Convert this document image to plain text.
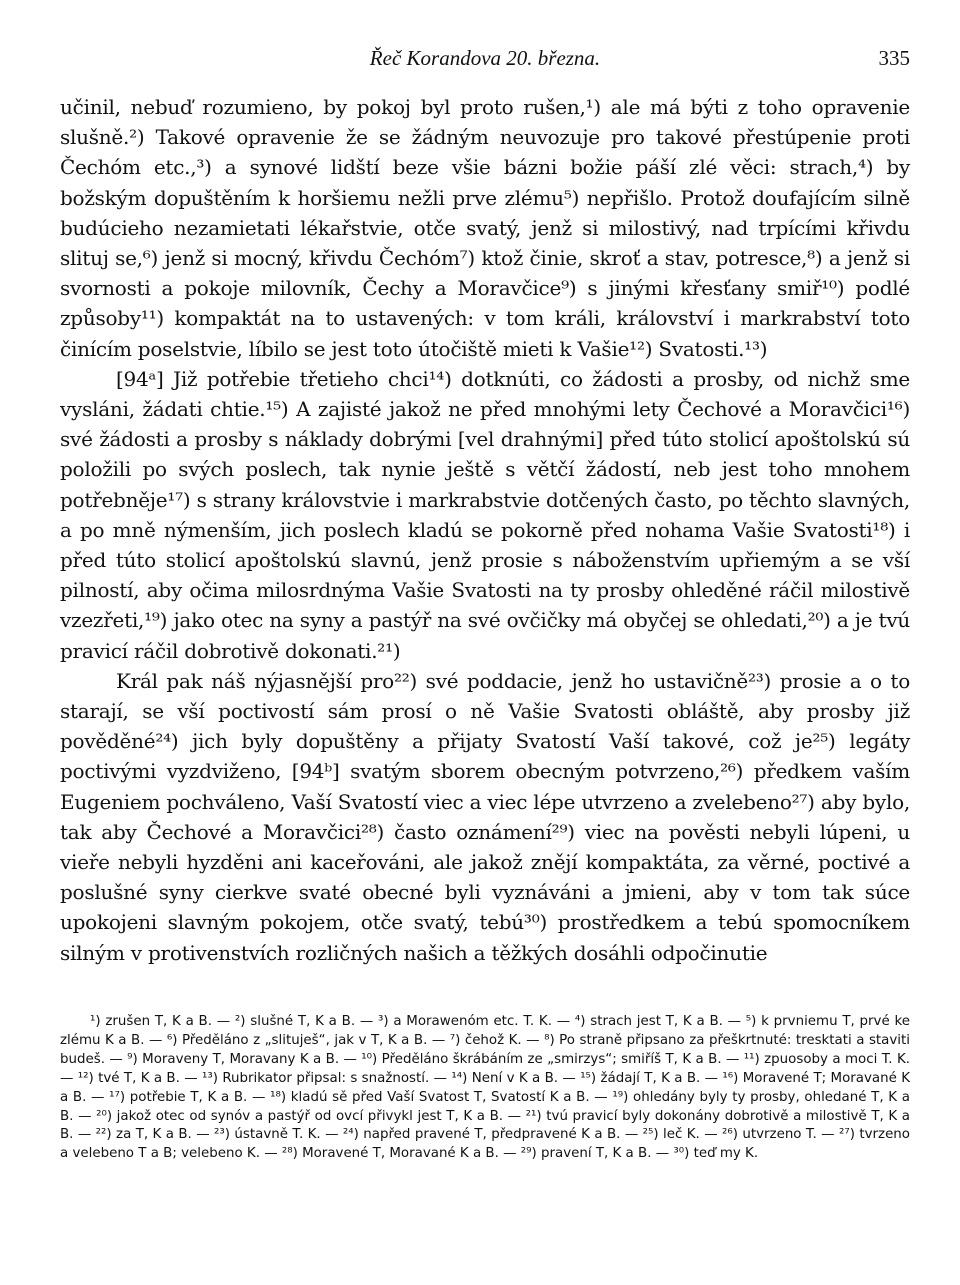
Řeč Korandova 20. března.	335

učinil, nebuď rozumieno, by pokoj byl proto rušen,¹) ale má býti z toho opravenie slušně.²) Takové opravenie že se žádným neuvozuje pro takové přestúpenie proti Čechóm etc.,³) a synové lidští beze všie bázni božie páší zlé věci: strach,⁴) by božským dopuštěním k horšiemu nežli prve zlému⁵) nepřišlo. Protož doufajícím silně budúcieho nezamietati lékařstvie, otče svatý, jenž si milostivý, nad trpícími křivdu slituj se,⁶) jenž si mocný, křivdu Čechóm⁷) ktož činie, skroť a stav, potresce,⁸) a jenž si svornosti a pokoje milovník, Čechy a Moravčice⁹) s jinými křesťany smiř¹⁰) podlé způsoby¹¹) kompaktát na to ustavených: v tom králi, království i markrabství toto činícím poselstvie, líbilo se jest toto útočiště mieti k Vašie¹²) Svatosti.¹³)

[94ᵃ] Již potřebie třetieho chci¹⁴) dotknúti, co žádosti a prosby, od nichž sme vysláni, žádati chtie.¹⁵) A zajisté jakož ne před mnohými lety Čechové a Moravčici¹⁶) své žádosti a prosby s náklady dobrými [vel drahnými] před túto stolicí apoštolskú sú položili po svých poslech, tak nynie ještě s větčí žádostí, neb jest toho mnohem potřebněje¹⁷) s strany královstvie i markrabstvie dotčených často, po těchto slavných, a po mně nýmenším, jich poslech kladú se pokorně před nohama Vašie Svatosti¹⁸) i před túto stolicí apoštolskú slavnú, jenž prosie s náboženstvím upřiemým a se vší pilností, aby očima milosrdnýma Vašie Svatosti na ty prosby ohleděné ráčil milostivě vzezřeti,¹⁹) jako otec na syny a pastýř na své ovčičky má obyčej se ohledati,²⁰) a je tvú pravicí ráčil dobrotivě dokonati.²¹)

Král pak náš nýjasnější pro²²) své poddacie, jenž ho ustavičně²³) prosie a o to starají, se vší poctivostí sám prosí o ně Vašie Svatosti obláště, aby prosby již pověděné²⁴) jich byly dopuštěny a přijaty Svatostí Vaší takové, což je²⁵) legáty poctivými vyzdviženo, [94ᵇ] svatým sborem obecným potvrzeno,²⁶) předkem vaším Eugeniem pochváleno, Vaší Svatostí viec a viec lépe utvrzeno a zvelebeno²⁷) aby bylo, tak aby Čechové a Moravčici²⁸) často oznámení²⁹) viec na pověsti nebyli lúpeni, u vieře nebyli hyzděni ani kaceřováni, ale jakož znějí kompaktáta, za věrné, poctivé a poslušné syny cierkve svaté obecné byli vyznáváni a jmieni, aby v tom tak súce upokojeni slavným pokojem, otče svatý, tebú³⁰) prostředkem a tebú spomocníkem silným v protivenstvích rozličných našich a těžkých dosáhli odpočinutie

¹) zrušen T, K a B. — ²) slušné T, K a B. — ³) a Morawenóm etc. T. K. — ⁴) strach jest T, K a B. — ⁵) k prvniemu T, prvé ke zlému K a B. — ⁶) Předěláno z „slituješ“, jak v T, K a B. — ⁷) čehož K. — ⁸) Po straně připsano za přeškrtnuté: tresktati a staviti budeš. — ⁹) Moraveny T, Moravany K a B. — ¹⁰) Předěláno škrábáním ze „smirzys“; smiříš T, K a B. — ¹¹) zpuosoby a moci T. K. — ¹²) tvé T, K a B. — ¹³) Rubrikator připsal: s snažností. — ¹⁴) Není v K a B. — ¹⁵) žádají T, K a B. — ¹⁶) Moravené T; Moravané K a B. — ¹⁷) potřebie T, K a B. — ¹⁸) kladú sě před Vaší Svatost T, Svatostí K a B. — ¹⁹) ohledány byly ty prosby, ohledané T, K a B. — ²⁰) jakož otec od synóv a pastýř od ovcí přivykl jest T, K a B. — ²¹) tvú pravicí byly dokonány dobrotivě a milostivě T, K a B. — ²²) za T, K a B. — ²³) ústavně T. K. — ²⁴) napřed pravené T, předpravené K a B. — ²⁵) leč K. — ²⁶) utvrzeno T. — ²⁷) tvrzeno a velebeno T a B; velebeno K. — ²⁸) Moravené T, Moravané K a B. — ²⁹) pravení T, K a B. — ³⁰) teď my K.
